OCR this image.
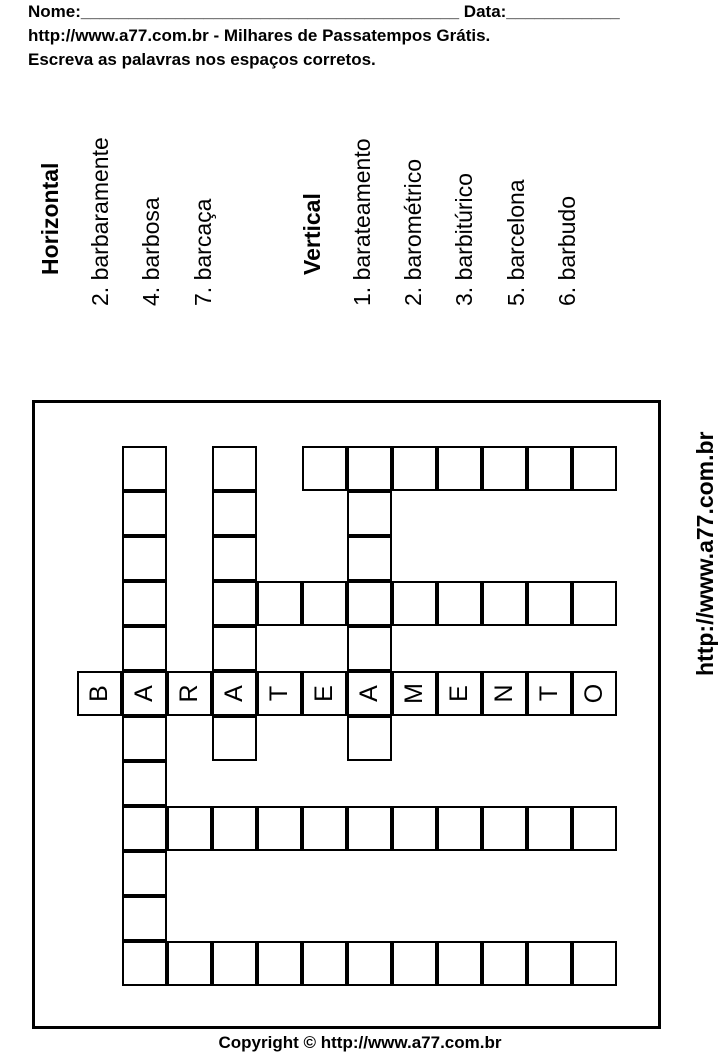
Nome:________________________________________ Data:____________
http://www.a77.com.br - Milhares de Passatempos Grátis.
Escreva as palavras nos espaços corretos.
Horizontal 2. barbaramente 4. barbosa 7. barcaça	Vertical 1. barateamento 2. barométrico 3. barbitúrico 5. barcelona 6. barbudo
B A R A T E A M E N T O
http://www.a77.com.br
Copyright © http://www.a77.com.br
